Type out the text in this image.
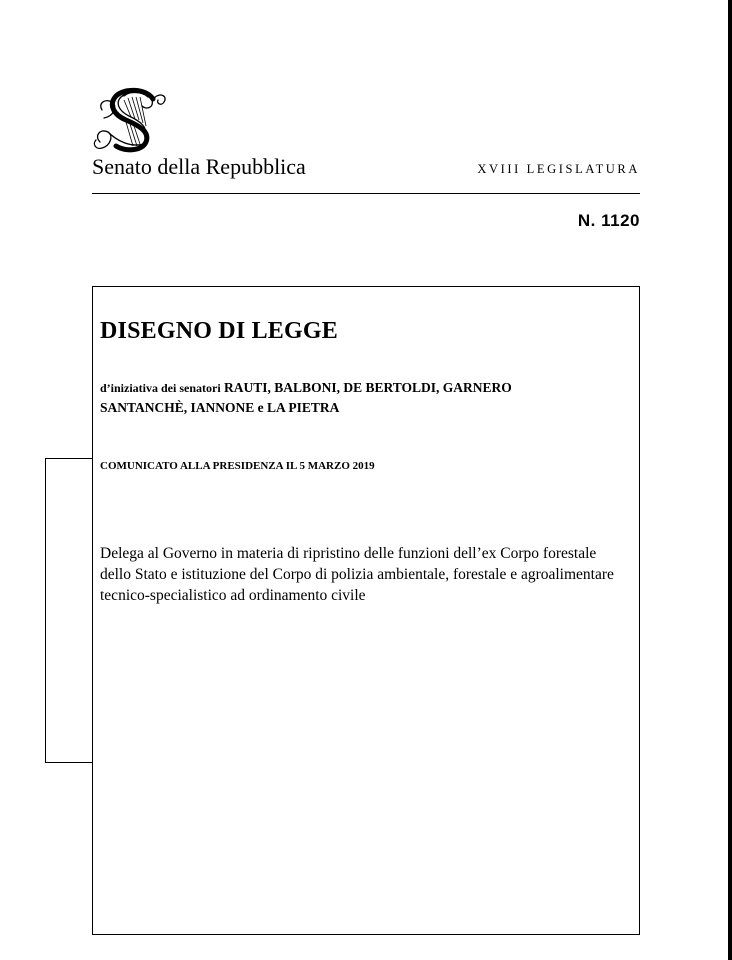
Senato della Repubblica	XVIII LEGISLATURA
N. 1120
DISEGNO DI LEGGE
d’iniziativa dei senatori RAUTI, BALBONI, DE BERTOLDI, GARNERO
SANTANCHÈ, IANNONE e LA PIETRA
COMUNICATO ALLA PRESIDENZA IL 5 MARZO 2019
Delega al Governo in materia di ripristino delle funzioni dell’ex Corpo forestale dello Stato e istituzione del Corpo di polizia ambientale, forestale e agroalimentare tecnico-specialistico ad ordinamento civile
